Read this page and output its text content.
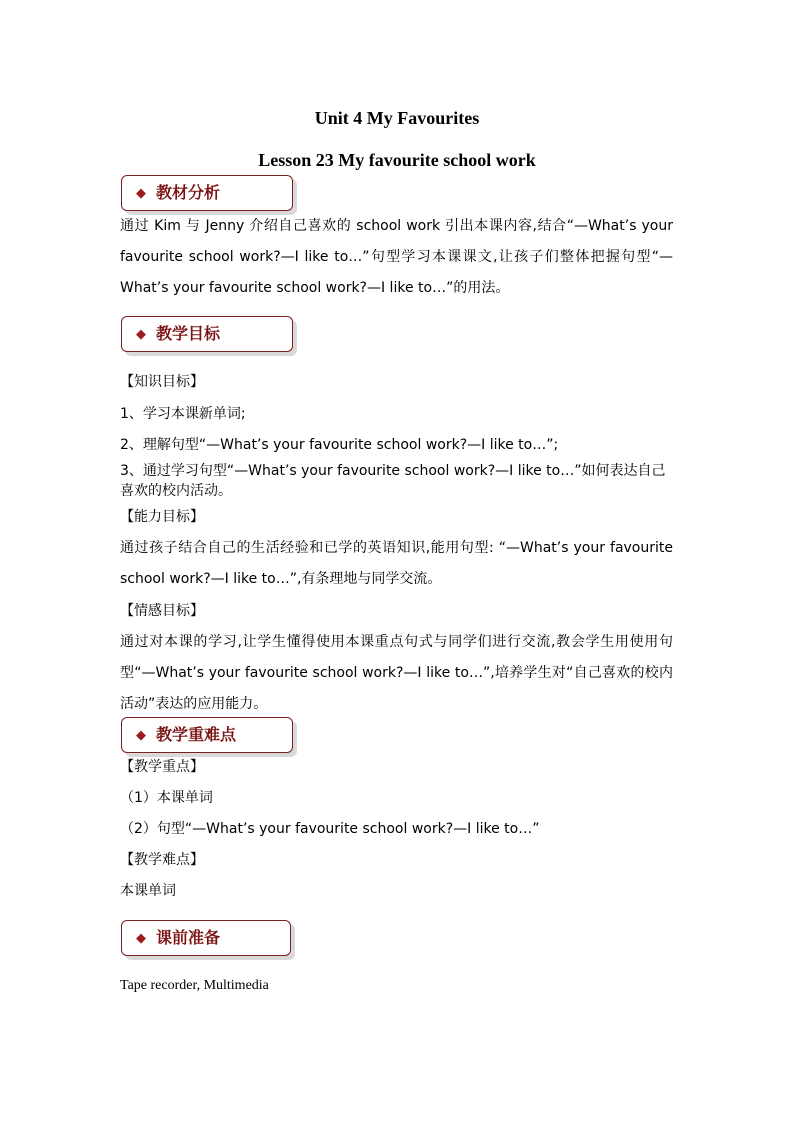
Unit 4 My Favourites
Lesson 23 My favourite school work
◆ 教材分析
通过 Kim 与 Jenny 介绍自己喜欢的 school work 引出本课内容,结合“—What’s your favourite school work?—I like to…”句型学习本课课文,让孩子们整体把握句型“—What’s your favourite school work?—I like to…”的用法。
◆ 教学目标
【知识目标】
1、学习本课新单词;
2、理解句型“—What’s your favourite school work?—I like to…”;
3、通过学习句型“—What’s your favourite school work?—I like to…”如何表达自己喜欢的校内活动。
【能力目标】
通过孩子结合自己的生活经验和已学的英语知识,能用句型: “—What’s your favourite school work?—I like to…”,有条理地与同学交流。
【情感目标】
通过对本课的学习,让学生懂得使用本课重点句式与同学们进行交流,教会学生用使用句型“—What’s your favourite school work?—I like to…”,培养学生对“自己喜欢的校内活动”表达的应用能力。
◆ 教学重难点
【教学重点】
（1）本课单词
（2）句型“—What’s your favourite school work?—I like to…”
【教学难点】
本课单词
◆ 课前准备
Tape recorder, Multimedia
